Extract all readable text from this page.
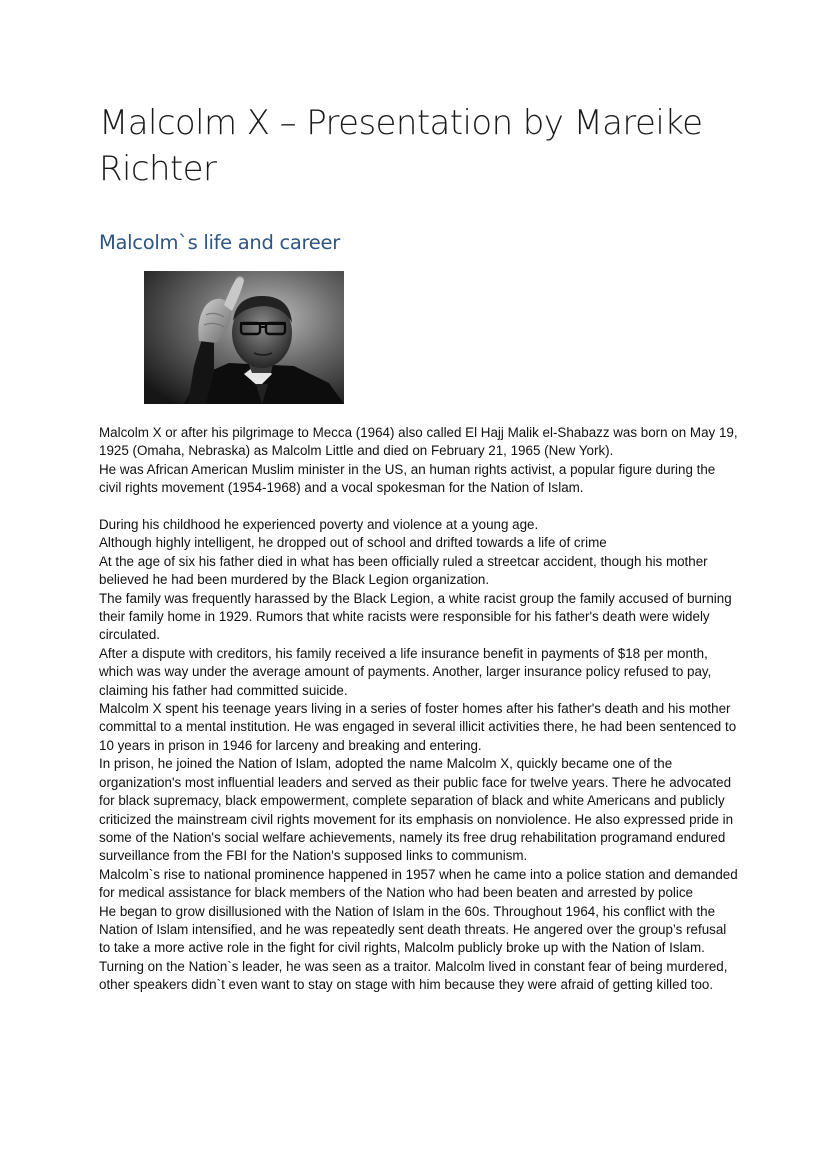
Malcolm X – Presentation by Mareike Richter
Malcolm`s life and career

Malcolm X or after his pilgrimage to Mecca (1964) also called El Hajj Malik el-Shabazz was born on May 19, 1925 (Omaha, Nebraska) as Malcolm Little and died on February 21, 1965 (New York).

He was African American Muslim minister in the US, an human rights activist, a popular figure during the civil rights movement (1954-1968) and a vocal spokesman for the Nation of Islam.

During his childhood he experienced poverty and violence at a young age.

Although highly intelligent, he dropped out of school and drifted towards a life of crime

At the age of six his father died in what has been officially ruled a streetcar accident, though his mother believed he had been murdered by the Black Legion organization.

The family was frequently harassed by the Black Legion, a white racist group the family accused of burning their family home in 1929. Rumors that white racists were responsible for his father's death were widely circulated.

After a dispute with creditors, his family received a life insurance benefit in payments of $18 per month, which was way under the average amount of payments. Another, larger insurance policy refused to pay, claiming his father had committed suicide.

Malcolm X spent his teenage years living in a series of foster homes after his father's death and his mother committal to a mental institution. He was engaged in several illicit activities there, he had been sentenced to 10 years in prison in 1946 for larceny and breaking and entering.

In prison, he joined the Nation of Islam, adopted the name Malcolm X, quickly became one of the organization's most influential leaders and served as their public face for twelve years. There he advocated for black supremacy, black empowerment, complete separation of black and white Americans and publicly criticized the mainstream civil rights movement for its emphasis on nonviolence. He also expressed pride in some of the Nation's social welfare achievements, namely its free drug rehabilitation programand endured surveillance from the FBI for the Nation's supposed links to communism.

Malcolm`s rise to national prominence happened in 1957 when he came into a police station and demanded for medical assistance for black members of the Nation who had been beaten and arrested by police

He began to grow disillusioned with the Nation of Islam in the 60s. Throughout 1964, his conflict with the Nation of Islam intensified, and he was repeatedly sent death threats. He angered over the group’s refusal to take a more active role in the fight for civil rights, Malcolm publicly broke up with the Nation of Islam. Turning on the Nation`s leader, he was seen as a traitor. Malcolm lived in constant fear of being murdered, other speakers didn`t even want to stay on stage with him because they were afraid of getting killed too.
